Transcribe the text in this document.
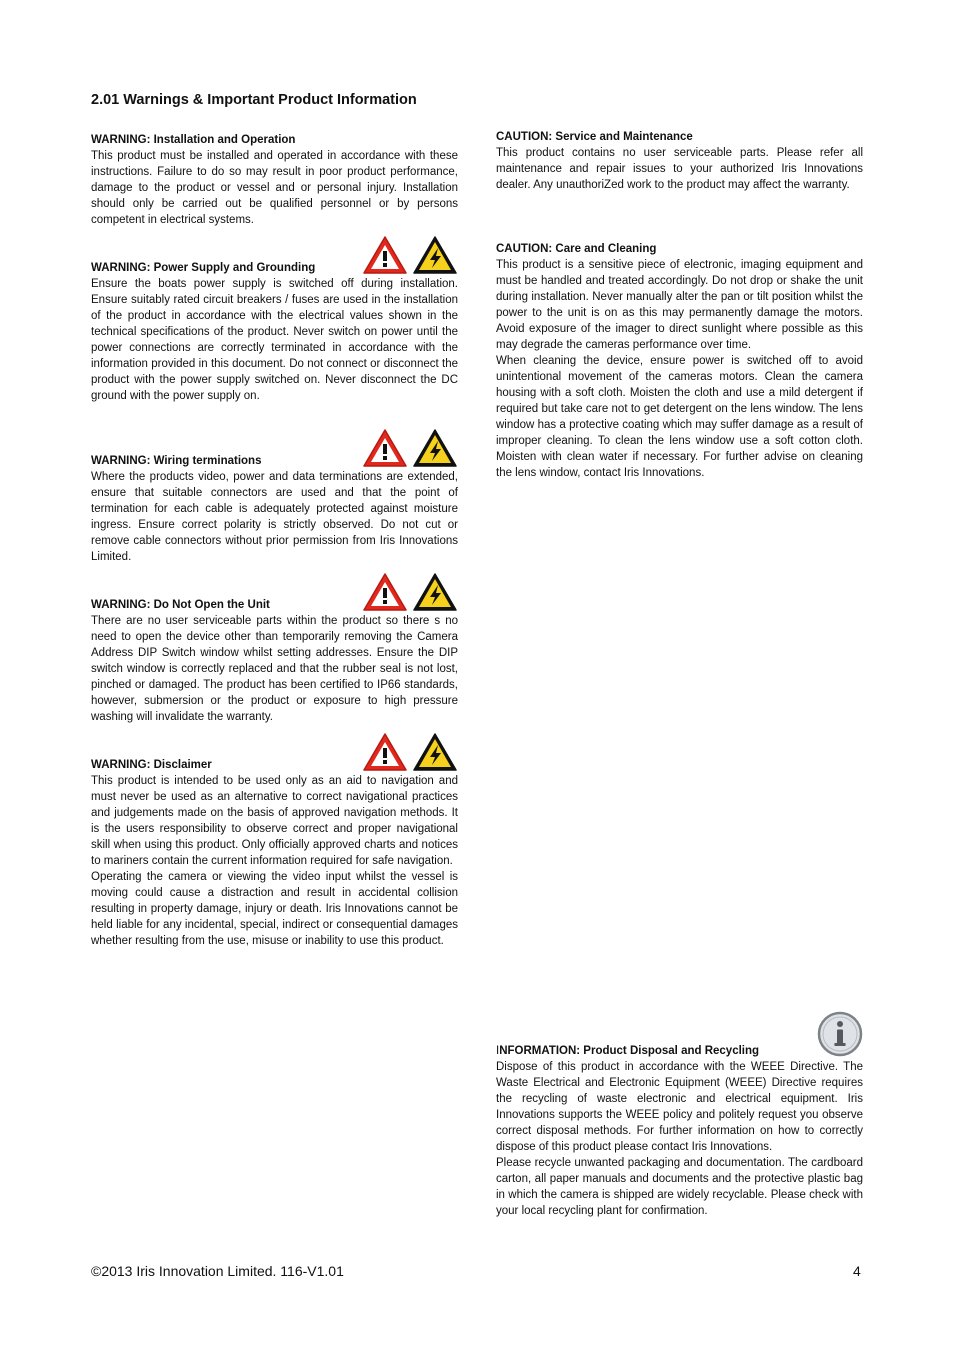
2.01 Warnings & Important Product Information

WARNING: Installation and Operation

This product must be installed and operated in accordance with these instructions. Failure to do so may result in poor product performance, damage to the product or vessel and or personal injury. Installation should only be carried out be qualified personnel or by persons competent in electrical systems.

WARNING: Power Supply and Grounding

Ensure the boats power supply is switched off during installation. Ensure suitably rated circuit breakers / fuses are used in the installation of the product in accordance with the electrical values shown in the technical specifications of the product. Never switch on power until the power connections are correctly terminated in accordance with the information provided in this document. Do not connect or disconnect the product with the power supply switched on. Never disconnect the DC ground with the power supply on.

WARNING: Wiring terminations

Where the products video, power and data terminations are extended, ensure that suitable connectors are used and that the point of termination for each cable is adequately protected against moisture ingress. Ensure correct polarity is strictly observed. Do not cut or remove cable connectors without prior permission from Iris Innovations Limited.

WARNING: Do Not Open the Unit

There are no user serviceable parts within the product so there s no need to open the device other than temporarily removing the Camera Address DIP Switch window whilst setting addresses. Ensure the DIP switch window is correctly replaced and that the rubber seal is not lost, pinched or damaged. The product has been certified to IP66 standards, however, submersion or the product or exposure to high pressure washing will invalidate the warranty.

WARNING: Disclaimer

This product is intended to be used only as an aid to navigation and must never be used as an alternative to correct navigational practices and judgements made on the basis of approved navigation methods. It is the users responsibility to observe correct and proper navigational skill when using this product. Only officially approved charts and notices to mariners contain the current information required for safe navigation.
Operating the camera or viewing the video input whilst the vessel is moving could cause a distraction and result in accidental collision resulting in property damage, injury or death. Iris Innovations cannot be held liable for any incidental, special, indirect or consequential damages whether resulting from the use, misuse or inability to use this product.

CAUTION: Service and Maintenance

This product contains no user serviceable parts. Please refer all maintenance and repair issues to your authorized Iris Innovations dealer. Any unauthoriZed work to the product may affect the warranty.

CAUTION: Care and Cleaning

This product is a sensitive piece of electronic, imaging equipment and must be handled and treated accordingly. Do not drop or shake the unit during installation. Never manually alter the pan or tilt position whilst the power to the unit is on as this may permanently damage the motors. Avoid exposure of the imager to direct sunlight where possible as this may degrade the cameras performance over time.
When cleaning the device, ensure power is switched off to avoid unintentional movement of the cameras motors. Clean the camera housing with a soft cloth. Moisten the cloth and use a mild detergent if required but take care not to get detergent on the lens window. The lens window has a protective coating which may suffer damage as a result of improper cleaning. To clean the lens window use a soft cotton cloth. Moisten with clean water if necessary. For further advise on cleaning the lens window, contact Iris Innovations.

INFORMATION: Product Disposal and Recycling

Dispose of this product in accordance with the WEEE Directive. The Waste Electrical and Electronic Equipment (WEEE) Directive requires the recycling of waste electronic and electrical equipment. Iris Innovations supports the WEEE policy and politely request you observe correct disposal methods. For further information on how to correctly dispose of this product please contact Iris Innovations.
Please recycle unwanted packaging and documentation. The cardboard carton, all paper manuals and documents and the protective plastic bag in which the camera is shipped are widely recyclable. Please check with your local recycling plant for confirmation.

©2013 Iris Innovation Limited. 116-V1.01	4
